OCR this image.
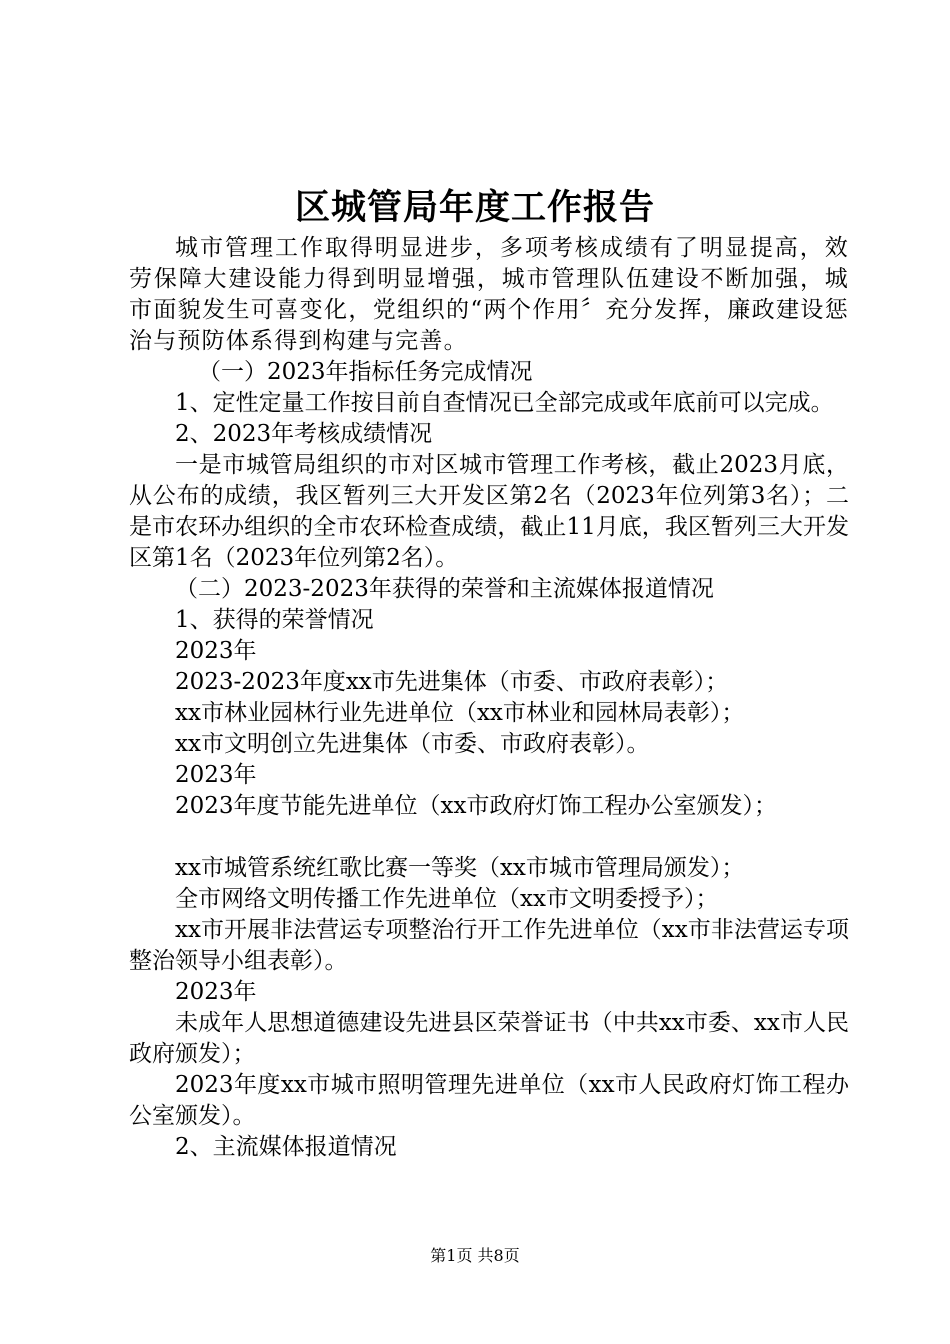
区城管局年度工作报告

城市管理工作取得明显进步，多项考核成绩有了明显提高，效劳保障大建设能力得到明显增强，城市管理队伍建设不断加强，城市面貌发生可喜变化，党组织的“两个作用〞充分发挥，廉政建设惩治与预防体系得到构建与完善。

（一）2023年指标任务完成情况

1、定性定量工作按目前自查情况已全部完成或年底前可以完成。

2、2023年考核成绩情况

一是市城管局组织的市对区城市管理工作考核，截止2023月底，从公布的成绩，我区暂列三大开发区第2名（2023年位列第3名）；二是市农环办组织的全市农环检查成绩，截止11月底，我区暂列三大开发区第1名（2023年位列第2名）。

（二）2023-2023年获得的荣誉和主流媒体报道情况

1、获得的荣誉情况

2023年

2023-2023年度xx市先进集体（市委、市政府表彰）；

xx市林业园林行业先进单位（xx市林业和园林局表彰）；

xx市文明创立先进集体（市委、市政府表彰）。

2023年

2023年度节能先进单位（xx市政府灯饰工程办公室颁发）；

xx市城管系统红歌比赛一等奖（xx市城市管理局颁发）；

全市网络文明传播工作先进单位（xx市文明委授予）；

xx市开展非法营运专项整治行开工作先进单位（xx市非法营运专项整治领导小组表彰）。

2023年

未成年人思想道德建设先进县区荣誉证书（中共xx市委、xx市人民政府颁发）；

2023年度xx市城市照明管理先进单位（xx市人民政府灯饰工程办公室颁发）。

2、主流媒体报道情况

第1页 共8页
